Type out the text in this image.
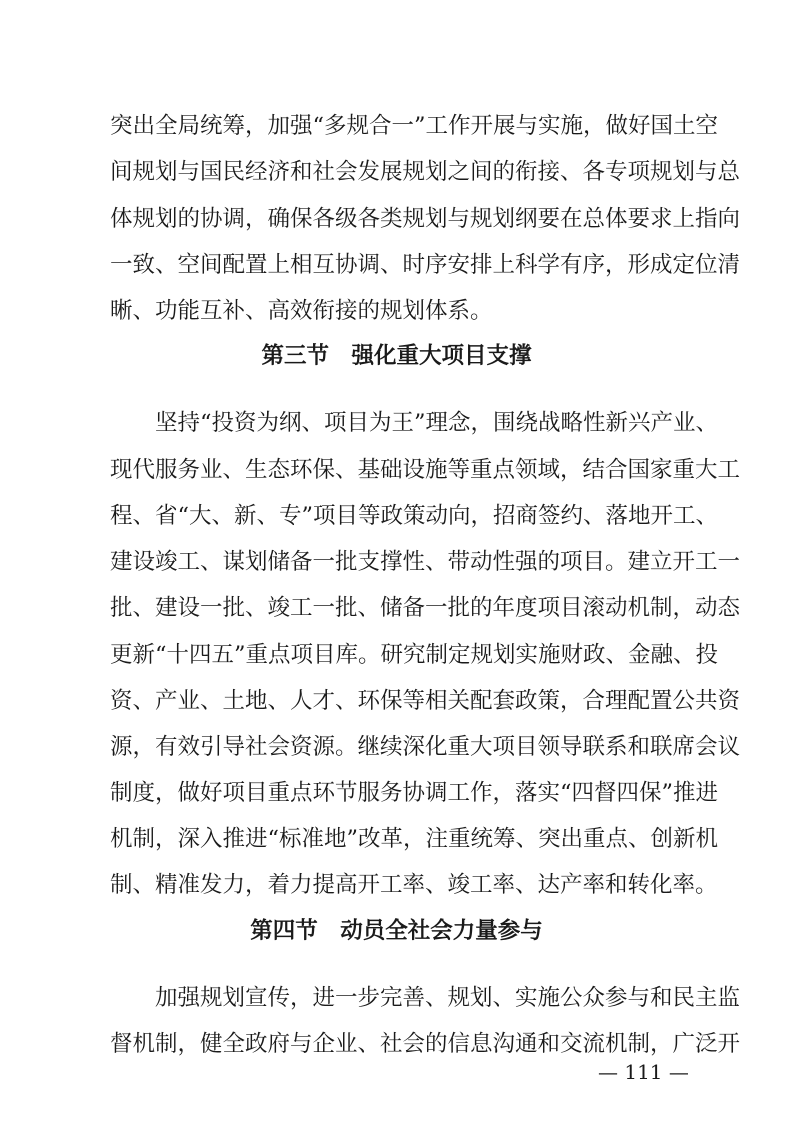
突出全局统筹，加强“多规合一”工作开展与实施，做好国土空
间规划与国民经济和社会发展规划之间的衔接、各专项规划与总
体规划的协调，确保各级各类规划与规划纲要在总体要求上指向
一致、空间配置上相互协调、时序安排上科学有序，形成定位清
晰、功能互补、高效衔接的规划体系。
第三节　强化重大项目支撑
坚持“投资为纲、项目为王”理念，围绕战略性新兴产业、
现代服务业、生态环保、基础设施等重点领域，结合国家重大工
程、省“大、新、专”项目等政策动向，招商签约、落地开工、
建设竣工、谋划储备一批支撑性、带动性强的项目。建立开工一
批、建设一批、竣工一批、储备一批的年度项目滚动机制，动态
更新“十四五”重点项目库。研究制定规划实施财政、金融、投
资、产业、土地、人才、环保等相关配套政策，合理配置公共资
源，有效引导社会资源。继续深化重大项目领导联系和联席会议
制度，做好项目重点环节服务协调工作，落实“四督四保”推进
机制，深入推进“标准地”改革，注重统筹、突出重点、创新机
制、精准发力，着力提高开工率、竣工率、达产率和转化率。
第四节　动员全社会力量参与
加强规划宣传，进一步完善、规划、实施公众参与和民主监
督机制，健全政府与企业、社会的信息沟通和交流机制，广泛开
— 111 —
